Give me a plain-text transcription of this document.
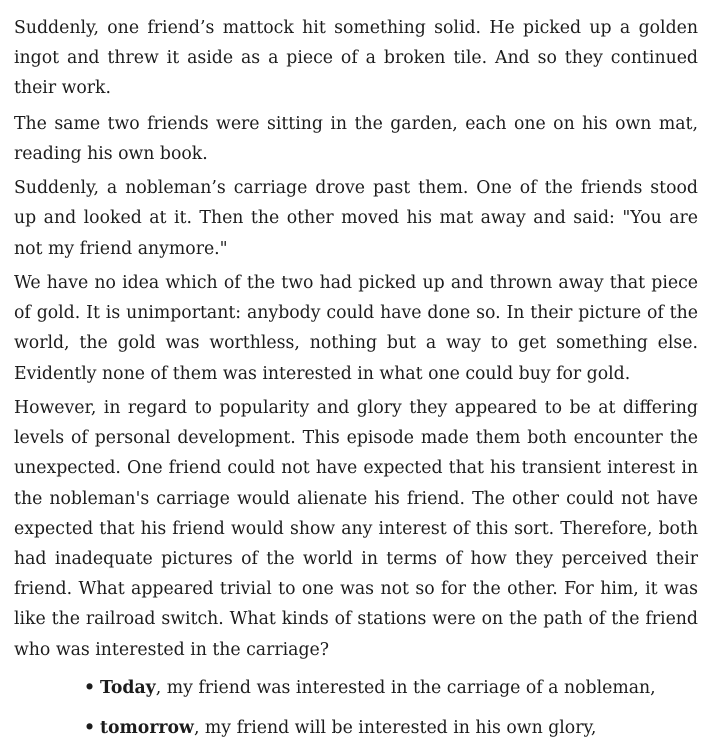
Suddenly, one friend’s mattock hit something solid. He picked up a golden ingot and threw it aside as a piece of a broken tile. And so they continued their work.

The same two friends were sitting in the garden, each one on his own mat, reading his own book.

Suddenly, a nobleman’s carriage drove past them. One of the friends stood up and looked at it. Then the other moved his mat away and said: "You are not my friend anymore."

We have no idea which of the two had picked up and thrown away that piece of gold. It is unimportant: anybody could have done so. In their picture of the world, the gold was worthless, nothing but a way to get something else. Evidently none of them was interested in what one could buy for gold.

However, in regard to popularity and glory they appeared to be at differing levels of personal development. This episode made them both encounter the unexpected. One friend could not have expected that his transient interest in the nobleman's carriage would alienate his friend. The other could not have expected that his friend would show any interest of this sort. Therefore, both had inadequate pictures of the world in terms of how they perceived their friend. What appeared trivial to one was not so for the other. For him, it was like the railroad switch. What kinds of stations were on the path of the friend who was interested in the carriage?

• Today, my friend was interested in the carriage of a nobleman,
• tomorrow, my friend will be interested in his own glory,
